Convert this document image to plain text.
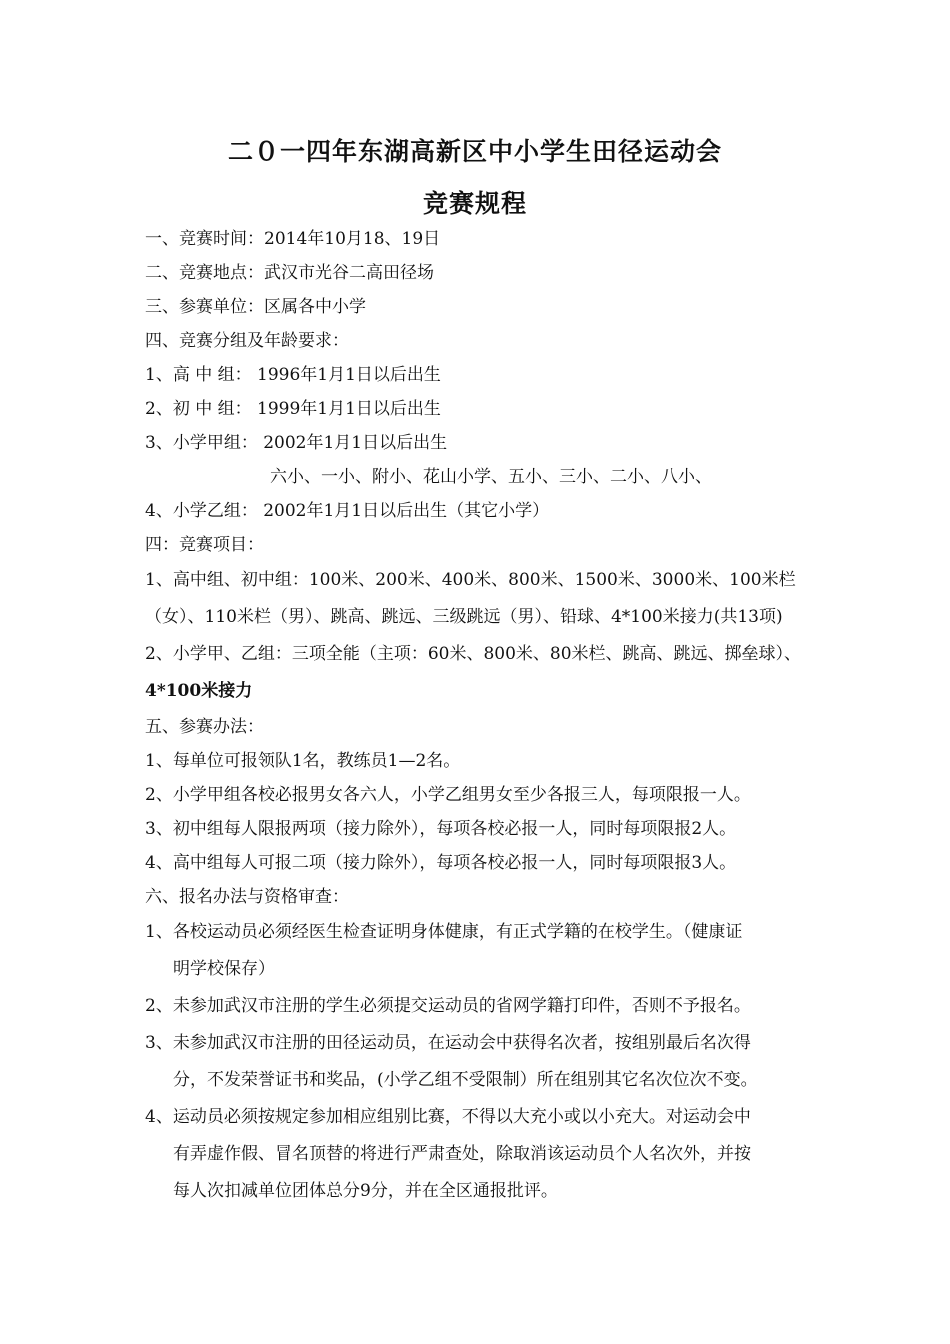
二０一四年东湖高新区中小学生田径运动会
竞赛规程
一、竞赛时间：2014年10月18、19日
二、竞赛地点：武汉市光谷二高田径场
三、参赛单位：区属各中小学
四、竞赛分组及年龄要求：
1、高 中 组： 1996年1月1日以后出生
2、初 中 组： 1999年1月1日以后出生
3、小学甲组： 2002年1月1日以后出生
六小、一小、附小、花山小学、五小、三小、二小、八小、
4、小学乙组： 2002年1月1日以后出生（其它小学）
四：竞赛项目：
1、高中组、初中组：100米、200米、400米、800米、1500米、3000米、100米栏
（女）、110米栏（男）、跳高、跳远、三级跳远（男）、铅球、4*100米接力(共13项)
2、小学甲、乙组：三项全能（主项：60米、800米、80米栏、跳高、跳远、掷垒球）、
4*100米接力
五、参赛办法：
1、每单位可报领队1名，教练员1—2名。
2、小学甲组各校必报男女各六人，小学乙组男女至少各报三人，每项限报一人。
3、初中组每人限报两项（接力除外），每项各校必报一人，同时每项限报2人。
4、高中组每人可报二项（接力除外），每项各校必报一人，同时每项限报3人。
六、报名办法与资格审查：
1、各校运动员必须经医生检查证明身体健康，有正式学籍的在校学生。（健康证
明学校保存）
2、未参加武汉市注册的学生必须提交运动员的省网学籍打印件，否则不予报名。
3、未参加武汉市注册的田径运动员，在运动会中获得名次者，按组别最后名次得
分，不发荣誉证书和奖品，(小学乙组不受限制）所在组别其它名次位次不变。
4、运动员必须按规定参加相应组别比赛，不得以大充小或以小充大。对运动会中
有弄虚作假、冒名顶替的将进行严肃查处，除取消该运动员个人名次外，并按
每人次扣减单位团体总分9分，并在全区通报批评。
